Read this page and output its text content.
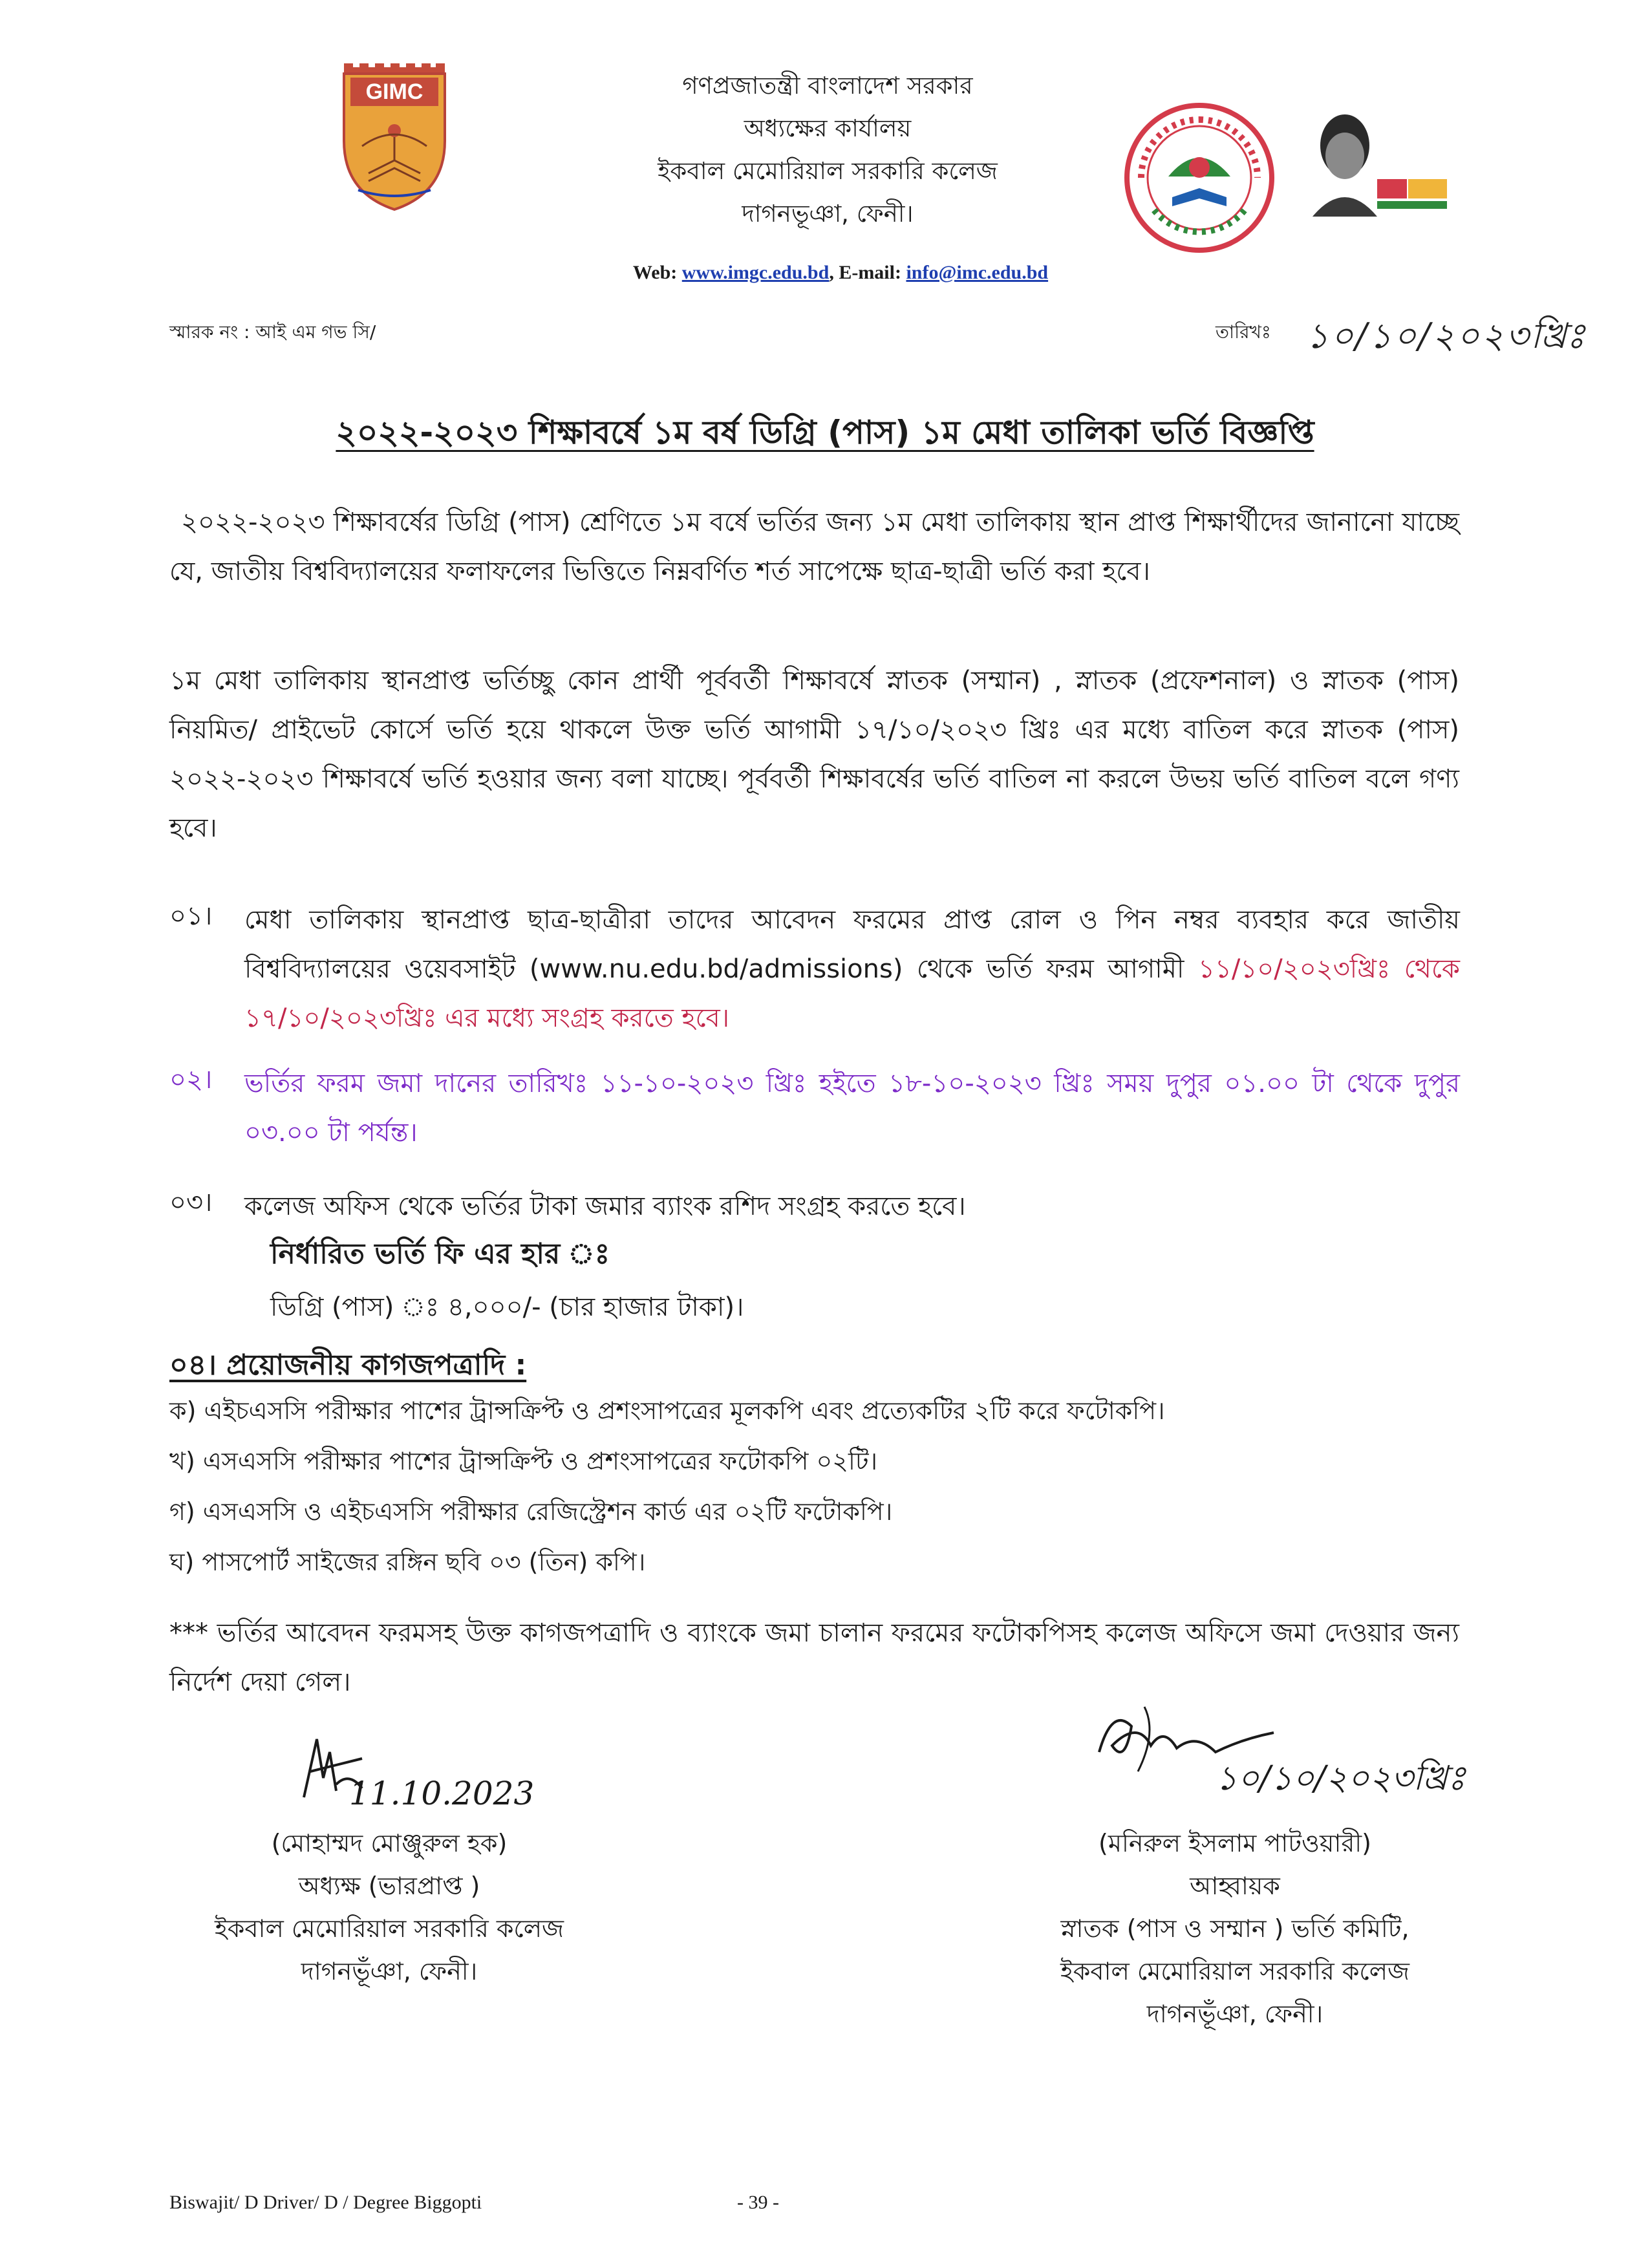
GIMC	গণপ্রজাতন্ত্রী বাংলাদেশ সরকার
অধ্যক্ষের কার্যালয়
ইকবাল মেমোরিয়াল সরকারি কলেজ
দাগনভূঞা, ফেনী।
Web: www.imgc.edu.bd, E-mail: info@imc.edu.bd
স্মারক নং : আই এম গভ সি/	তারিখঃ ১০/১০/২০২৩খ্রিঃ
২০২২-২০২৩ শিক্ষাবর্ষে ১ম বর্ষ ডিগ্রি (পাস) ১ম মেধা তালিকা ভর্তি বিজ্ঞপ্তি
২০২২-২০২৩ শিক্ষাবর্ষের ডিগ্রি (পাস) শ্রেণিতে ১ম বর্ষে ভর্তির জন্য ১ম মেধা তালিকায় স্থান প্রাপ্ত শিক্ষার্থীদের জানানো যাচ্ছে যে, জাতীয় বিশ্ববিদ্যালয়ের ফলাফলের ভিত্তিতে নিম্নবর্ণিত শর্ত সাপেক্ষে ছাত্র-ছাত্রী ভর্তি করা হবে।
১ম মেধা তালিকায় স্থানপ্রাপ্ত ভর্তিচ্ছু কোন প্রার্থী পূর্ববর্তী শিক্ষাবর্ষে স্নাতক (সম্মান) , স্নাতক (প্রফেশনাল) ও স্নাতক (পাস) নিয়মিত/ প্রাইভেট কোর্সে ভর্তি হয়ে থাকলে উক্ত ভর্তি আগামী ১৭/১০/২০২৩ খ্রিঃ এর মধ্যে বাতিল করে স্নাতক (পাস) ২০২২-২০২৩ শিক্ষাবর্ষে ভর্তি হওয়ার জন্য বলা যাচ্ছে। পূর্ববর্তী শিক্ষাবর্ষের ভর্তি বাতিল না করলে উভয় ভর্তি বাতিল বলে গণ্য হবে।
০১। মেধা তালিকায় স্থানপ্রাপ্ত ছাত্র-ছাত্রীরা তাদের আবেদন ফরমের প্রাপ্ত রোল ও পিন নম্বর ব্যবহার করে জাতীয় বিশ্ববিদ্যালয়ের ওয়েবসাইট (www.nu.edu.bd/admissions) থেকে ভর্তি ফরম আগামী ১১/১০/২০২৩খ্রিঃ থেকে ১৭/১০/২০২৩খ্রিঃ এর মধ্যে সংগ্রহ করতে হবে।
০২। ভর্তির ফরম জমা দানের তারিখঃ ১১-১০-২০২৩ খ্রিঃ হইতে ১৮-১০-২০২৩ খ্রিঃ সময় দুপুর ০১.০০ টা থেকে দুপুর ০৩.০০ টা পর্যন্ত।
০৩। কলেজ অফিস থেকে ভর্তির টাকা জমার ব্যাংক রশিদ সংগ্রহ করতে হবে।
নির্ধারিত ভর্তি ফি এর হার ঃ
ডিগ্রি (পাস) ঃ ৪,০০০/- (চার হাজার টাকা)।
০৪। প্রয়োজনীয় কাগজপত্রাদি :
ক) এইচএসসি পরীক্ষার পাশের ট্রান্সক্রিপ্ট ও প্রশংসাপত্রের মূলকপি এবং প্রত্যেকটির ২টি করে ফটোকপি।
খ) এসএসসি পরীক্ষার পাশের ট্রান্সক্রিপ্ট ও প্রশংসাপত্রের ফটোকপি ০২টি।
গ) এসএসসি ও এইচএসসি পরীক্ষার রেজিস্ট্রেশন কার্ড এর ০২টি ফটোকপি।
ঘ) পাসপোর্ট সাইজের রঙ্গিন ছবি ০৩ (তিন) কপি।
*** ভর্তির আবেদন ফরমসহ উক্ত কাগজপত্রাদি ও ব্যাংকে জমা চালান ফরমের ফটোকপিসহ কলেজ অফিসে জমা দেওয়ার জন্য নির্দেশ দেয়া গেল।
11.10.2023
(মোহাম্মদ মোঞ্জুরুল হক)
অধ্যক্ষ (ভারপ্রাপ্ত )
ইকবাল মেমোরিয়াল সরকারি কলেজ
দাগনভূঁঞা, ফেনী।
১০/১০/২০২৩খ্রিঃ
(মনিরুল ইসলাম পাটওয়ারী)
আহ্বায়ক
স্নাতক (পাস ও সম্মান ) ভর্তি কমিটি,
ইকবাল মেমোরিয়াল সরকারি কলেজ
দাগনভূঁঞা, ফেনী।
Biswajit/ D Driver/ D / Degree Biggopti	- 39 -
